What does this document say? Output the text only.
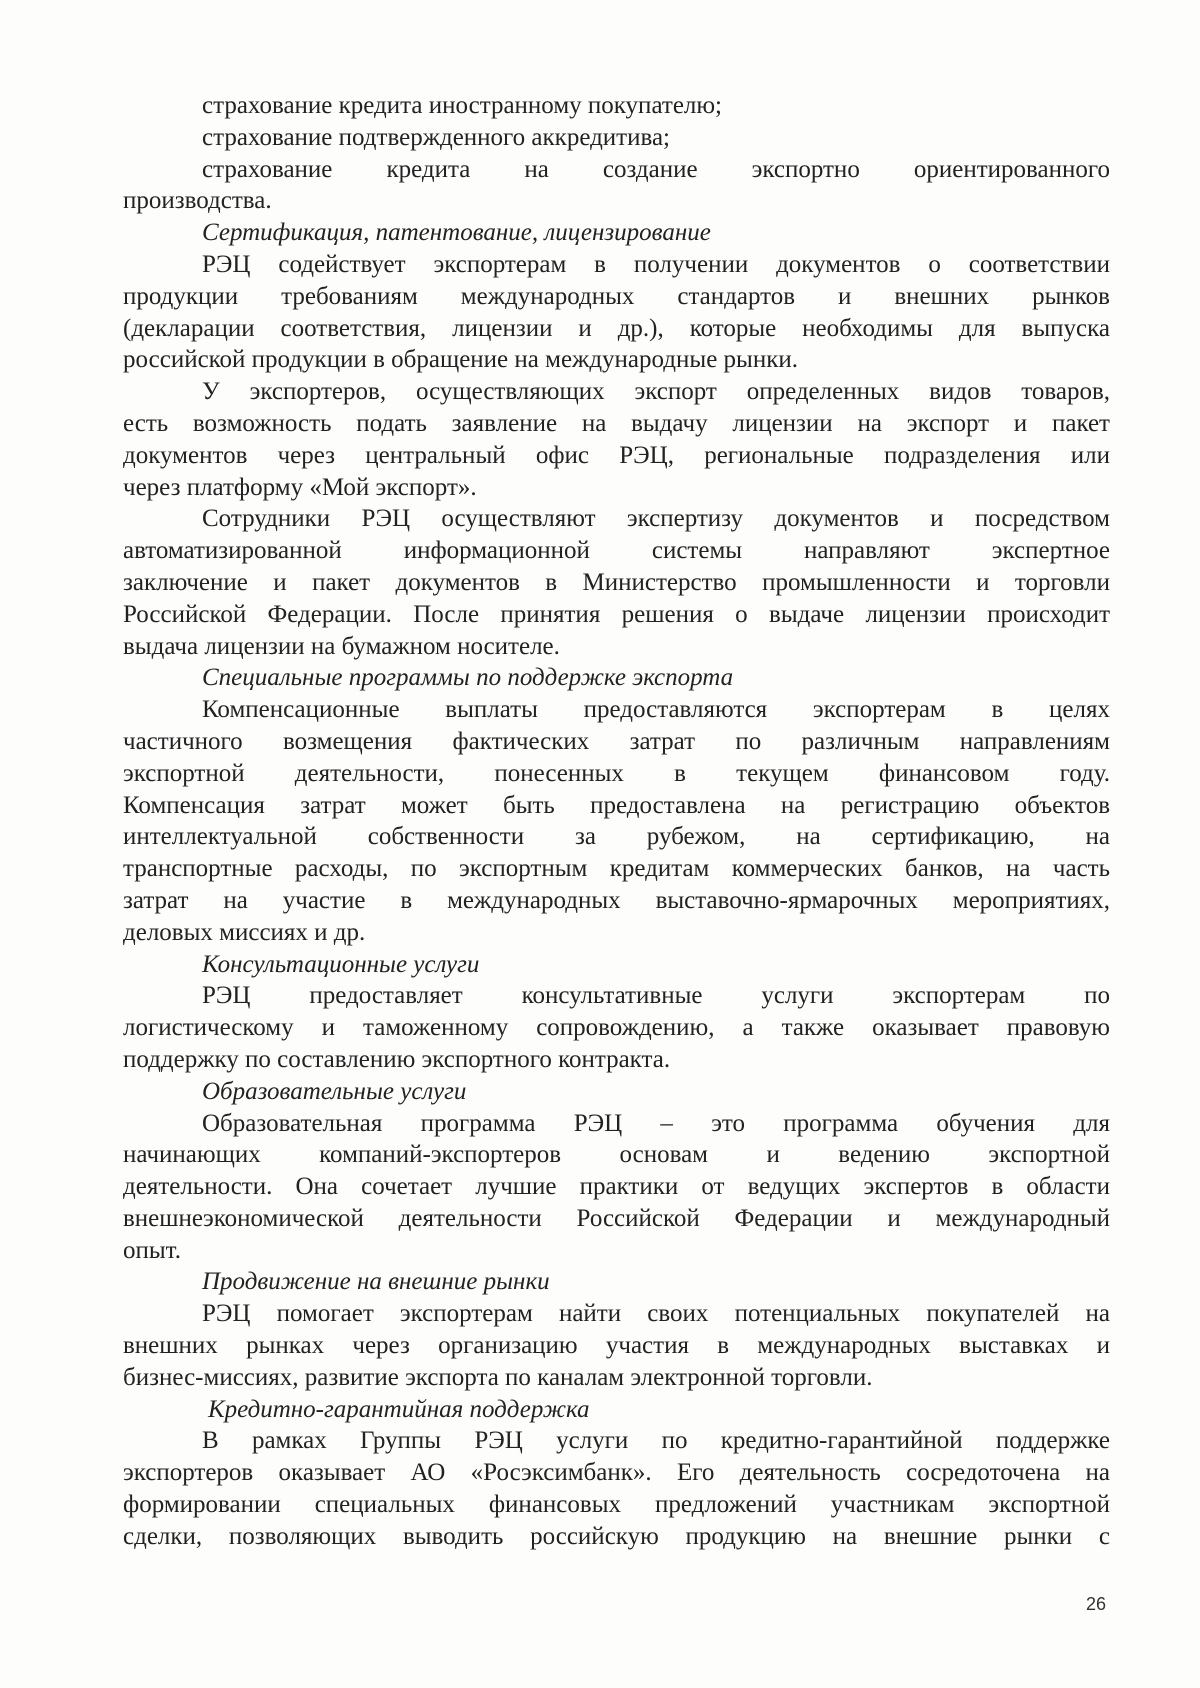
страхование кредита иностранному покупателю;
страхование подтвержденного аккредитива;
страхование кредита на создание экспортно ориентированного
производства.
Сертификация, патентование, лицензирование
РЭЦ содействует экспортерам в получении документов о соответствии
продукции требованиям международных стандартов и внешних рынков
(декларации соответствия, лицензии и др.), которые необходимы для выпуска
российской продукции в обращение на международные рынки.
У экспортеров, осуществляющих экспорт определенных видов товаров,
есть возможность подать заявление на выдачу лицензии на экспорт и пакет
документов через центральный офис РЭЦ, региональные подразделения или
через платформу «Мой экспорт».
Сотрудники РЭЦ осуществляют экспертизу документов и посредством
автоматизированной информационной системы направляют экспертное
заключение и пакет документов в Министерство промышленности и торговли
Российской Федерации. После принятия решения о выдаче лицензии происходит
выдача лицензии на бумажном носителе.
Специальные программы по поддержке экспорта
Компенсационные выплаты предоставляются экспортерам в целях
частичного возмещения фактических затрат по различным направлениям
экспортной деятельности, понесенных в текущем финансовом году.
Компенсация затрат может быть предоставлена на регистрацию объектов
интеллектуальной собственности за рубежом, на сертификацию, на
транспортные расходы, по экспортным кредитам коммерческих банков, на часть
затрат на участие в международных выставочно-ярмарочных мероприятиях,
деловых миссиях и др.
Консультационные услуги
РЭЦ предоставляет консультативные услуги экспортерам по
логистическому и таможенному сопровождению, а также оказывает правовую
поддержку по составлению экспортного контракта.
Образовательные услуги
Образовательная программа РЭЦ – это программа обучения для
начинающих компаний-экспортеров основам и ведению экспортной
деятельности. Она сочетает лучшие практики от ведущих экспертов в области
внешнеэкономической деятельности Российской Федерации и международный
опыт.
Продвижение на внешние рынки
РЭЦ помогает экспортерам найти своих потенциальных покупателей на
внешних рынках через организацию участия в международных выставках и
бизнес-миссиях, развитие экспорта по каналам электронной торговли.
Кредитно-гарантийная поддержка
В рамках Группы РЭЦ услуги по кредитно-гарантийной поддержке
экспортеров оказывает АО «Росэксимбанк». Его деятельность сосредоточена на
формировании специальных финансовых предложений участникам экспортной
сделки, позволяющих выводить российскую продукцию на внешние рынки с
26
